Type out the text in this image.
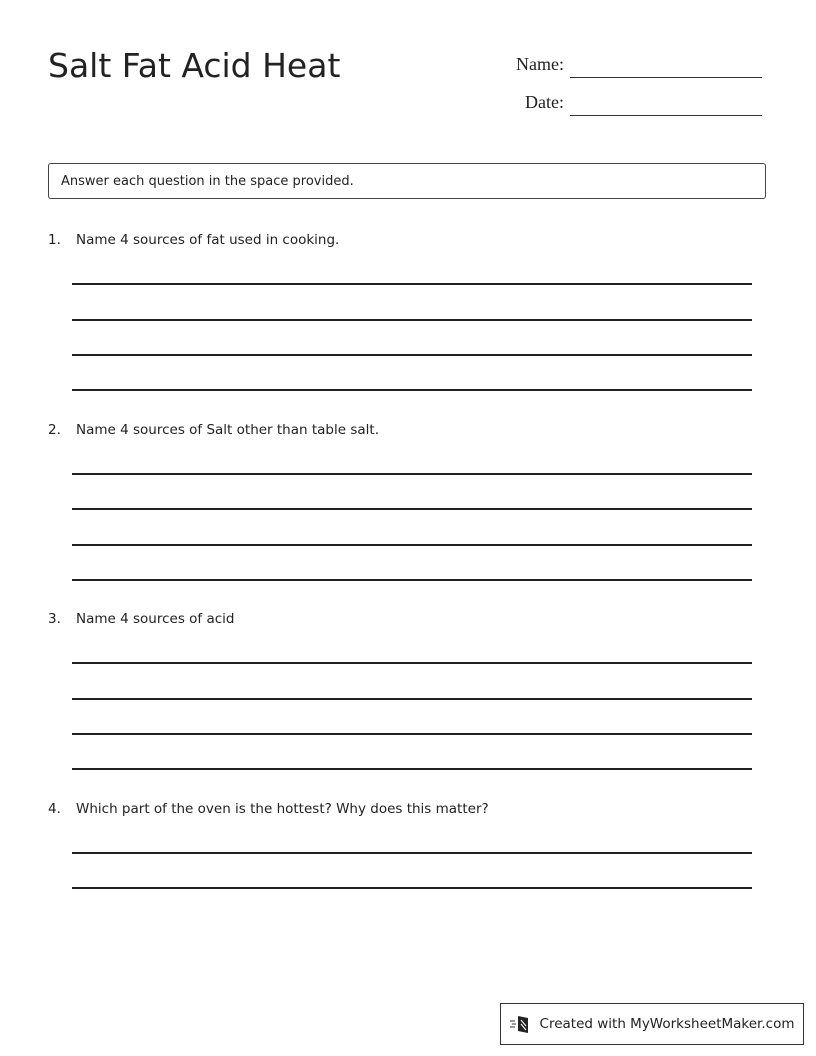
Salt Fat Acid Heat	Name:
Date:
Answer each question in the space provided.
1.	Name 4 sources of fat used in cooking.
2.	Name 4 sources of Salt other than table salt.
3.	Name 4 sources of acid
4.	Which part of the oven is the hottest? Why does this matter?
Created with MyWorksheetMaker.com
